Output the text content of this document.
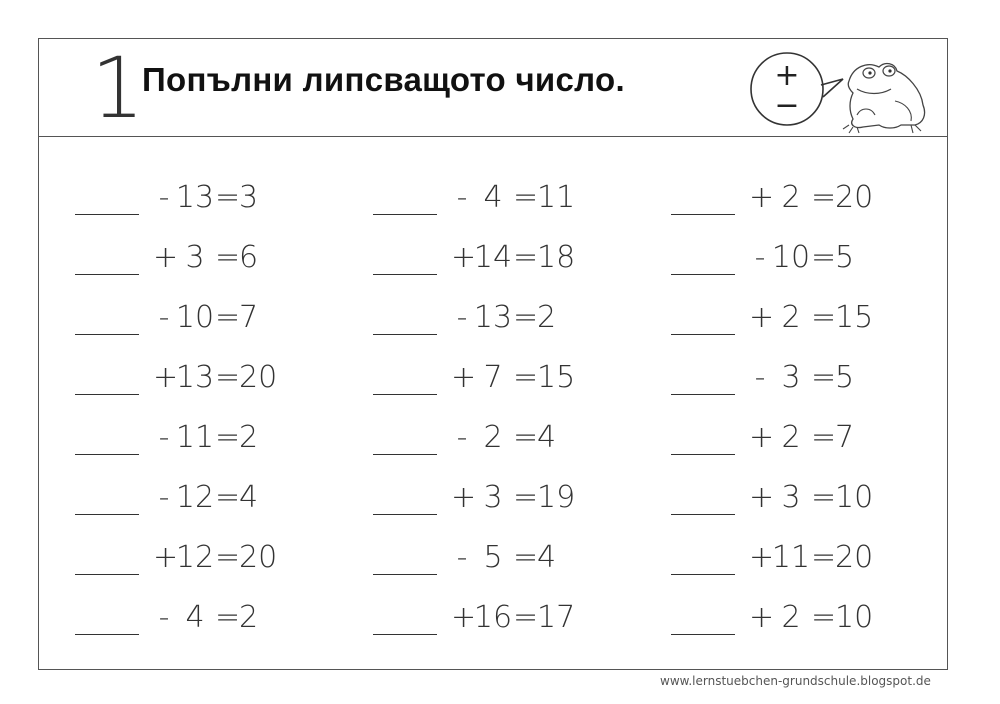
1
Попълни липсващото число.	+
−
- 13 =
3
+ 3 =
6
- 10 =
7
+
13 =
20
- 11 =
2
- 12 =
4
+
12 =
20
- 4 =
2
- 4 =
11
+
14 =
18
- 13 =
2
+ 7 =
15
- 2 =
4
+ 3 =
19
- 5 =
4
+
16 =
17
+ 2 =
20
- 10 =
5
+ 2 =
15
- 3 =
5
+ 2 =
7
+ 3 =
10
+
11 =
20
+ 2 =
10
www.lernstuebchen-grundschule.blogspot.de
